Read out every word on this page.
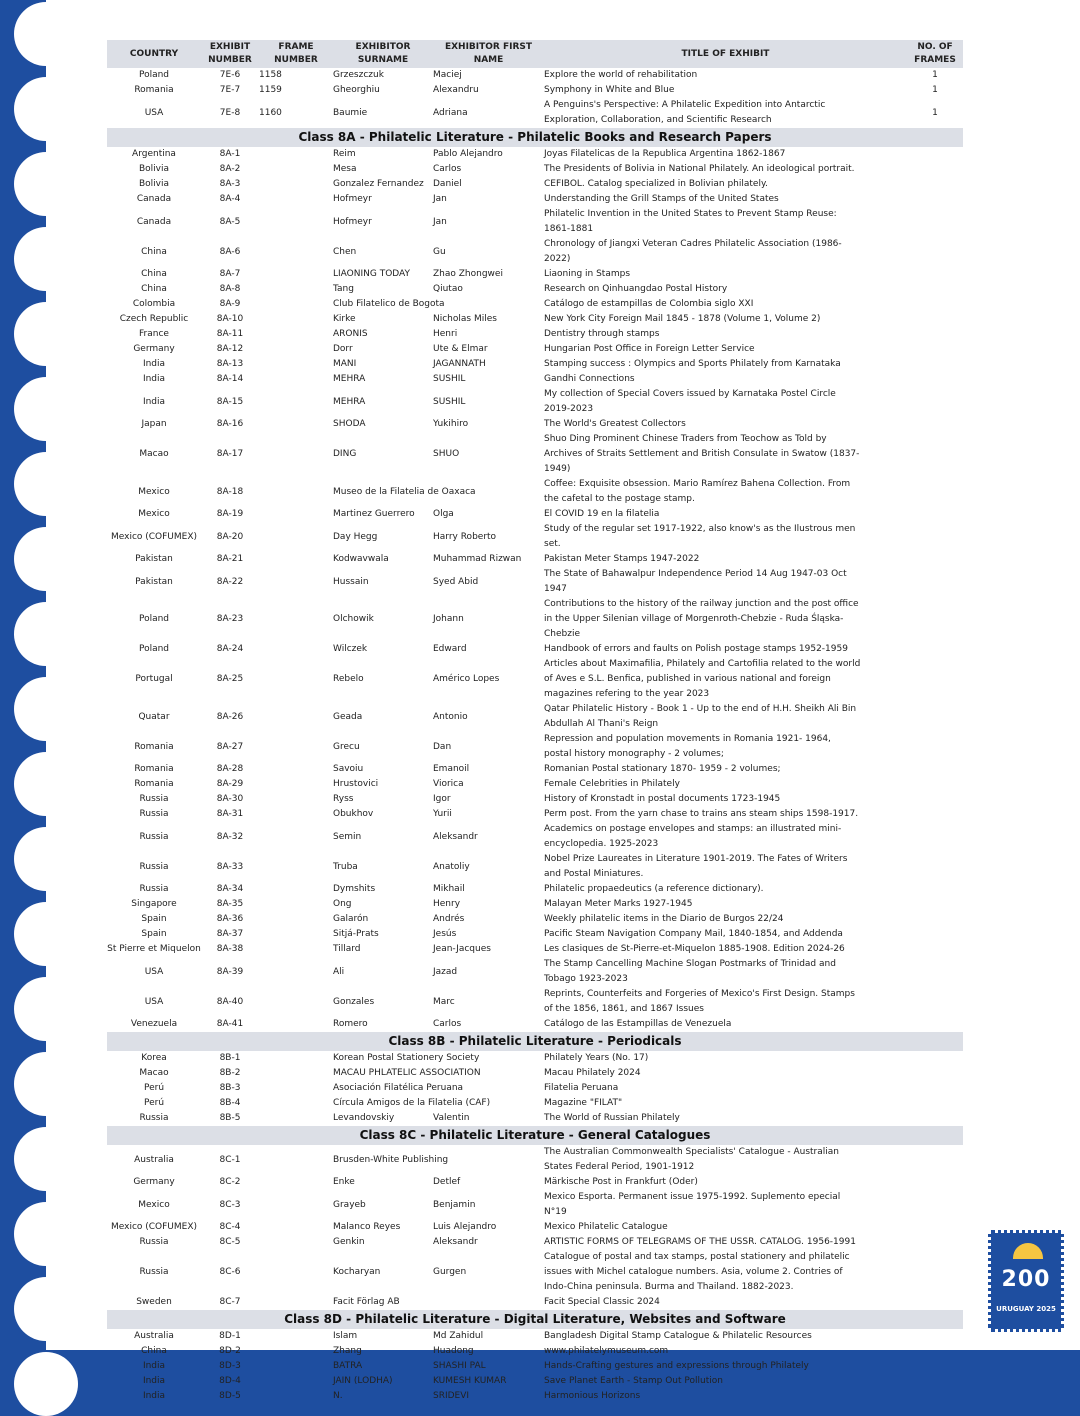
COUNTRY	EXHIBIT NUMBER	FRAME NUMBER	EXHIBITOR SURNAME	EXHIBITOR FIRST NAME	TITLE OF EXHIBIT	NO. OF FRAMES
Poland	7E-6	1158	Grzeszczuk	Maciej	Explore the world of rehabilitation	1
Romania	7E-7	1159	Gheorghiu	Alexandru	Symphony in White and Blue	1
USA	7E-8	1160	Baumie	Adriana	A Penguins's Perspective: A Philatelic Expedition into Antarctic Exploration, Collaboration, and Scientific Research	1
Class 8A - Philatelic Literature - Philatelic Books and Research Papers						
Argentina	8A-1		Reim	Pablo Alejandro	Joyas Filatelicas de la Republica Argentina 1862-1867	
Bolivia	8A-2		Mesa	Carlos	The Presidents of Bolivia in National Philately. An ideological portrait.	
Bolivia	8A-3		Gonzalez Fernandez	Daniel	CEFIBOL. Catalog specialized in Bolivian philately.	
Canada	8A-4		Hofmeyr	Jan	Understanding the Grill Stamps of the United States	
Canada	8A-5		Hofmeyr	Jan	Philatelic Invention in the United States to Prevent Stamp Reuse: 1861-1881	
China	8A-6		Chen	Gu	Chronology of Jiangxi Veteran Cadres Philatelic Association (1986-2022)	
China	8A-7		LIAONING TODAY	Zhao Zhongwei	Liaoning in Stamps	
China	8A-8		Tang	Qiutao	Research on Qinhuangdao Postal History	
Colombia	8A-9		Club Filatelico de Bogota		Catálogo de estampillas de Colombia siglo XXI	
Czech Republic	8A-10		Kirke	Nicholas Miles	New York City Foreign Mail 1845 - 1878 (Volume 1, Volume 2)	
France	8A-11		ARONIS	Henri	Dentistry through stamps	
Germany	8A-12		Dorr	Ute & Elmar	Hungarian Post Office in Foreign Letter Service	
India	8A-13		MANI	JAGANNATH	Stamping success : Olympics and Sports Philately from Karnataka	
India	8A-14		MEHRA	SUSHIL	Gandhi Connections	
India	8A-15		MEHRA	SUSHIL	My collection of Special Covers issued by Karnataka Postel Circle 2019-2023	
Japan	8A-16		SHODA	Yukihiro	The World's Greatest Collectors	
Macao	8A-17		DING	SHUO	Shuo Ding Prominent Chinese Traders from Teochow as Told by Archives of Straits Settlement and British Consulate in Swatow (1837-1949)	
Mexico	8A-18		Museo de la Filatelia de Oaxaca		Coffee: Exquisite obsession. Mario Ramírez Bahena Collection. From the cafetal to the postage stamp.	
Mexico	8A-19		Martinez Guerrero	Olga	El COVID 19 en la filatelia	
Mexico (COFUMEX)	8A-20		Day Hegg	Harry Roberto	Study of the regular set 1917-1922, also know's as the Ilustrous men set.	
Pakistan	8A-21		Kodwavwala	Muhammad Rizwan	Pakistan Meter Stamps 1947-2022	
Pakistan	8A-22		Hussain	Syed Abid	The State of Bahawalpur Independence Period 14 Aug 1947-03 Oct 1947	
Poland	8A-23		Olchowik	Johann	Contributions to the history of the railway junction and the post office in the Upper Silenian village of Morgenroth-Chebzie - Ruda Śląska-Chebzie	
Poland	8A-24		Wilczek	Edward	Handbook of errors and faults on Polish postage stamps 1952-1959	
Portugal	8A-25		Rebelo	Américo Lopes	Articles about Maximafilia, Philately and Cartofilia related to the world of Aves e S.L. Benfica, published in various national and foreign magazines refering to the year 2023	
Quatar	8A-26		Geada	Antonio	Qatar Philatelic History - Book 1 - Up to the end of H.H. Sheikh Ali Bin Abdullah Al Thani's Reign	
Romania	8A-27		Grecu	Dan	Repression and population movements in Romania 1921- 1964, postal history monography - 2 volumes;	
Romania	8A-28		Savoiu	Emanoil	Romanian Postal stationary 1870- 1959 - 2 volumes;	
Romania	8A-29		Hrustovici	Viorica	Female Celebrities in Philately	
Russia	8A-30		Ryss	Igor	History of Kronstadt in postal documents 1723-1945	
Russia	8A-31		Obukhov	Yurii	Perm post. From the yarn chase to trains ans steam ships 1598-1917.	
Russia	8A-32		Semin	Aleksandr	Academics on postage envelopes and stamps: an illustrated mini-encyclopedia. 1925-2023	
Russia	8A-33		Truba	Anatoliy	Nobel Prize Laureates in Literature 1901-2019. The Fates of Writers and Postal Miniatures.	
Russia	8A-34		Dymshits	Mikhail	Philatelic propaedeutics (a reference dictionary).	
Singapore	8A-35		Ong	Henry	Malayan Meter Marks 1927-1945	
Spain	8A-36		Galarón	Andrés	Weekly philatelic items in the Diario de Burgos 22/24	
Spain	8A-37		Sitjá-Prats	Jesús	Pacific Steam Navigation Company Mail, 1840-1854, and Addenda	
St Pierre et Miquelon	8A-38		Tillard	Jean-Jacques	Les clasiques de St-Pierre-et-Miquelon 1885-1908. Edition 2024-26	
USA	8A-39		Ali	Jazad	The Stamp Cancelling Machine Slogan Postmarks of Trinidad and Tobago 1923-2023	
USA	8A-40		Gonzales	Marc	Reprints, Counterfeits and Forgeries of Mexico's First Design. Stamps of the 1856, 1861, and 1867 Issues	
Venezuela	8A-41		Romero	Carlos	Catálogo de las Estampillas de Venezuela	
Class 8B - Philatelic Literature - Periodicals						
Korea	8B-1		Korean Postal Stationery Society		Philately Years (No. 17)	
Macao	8B-2		MACAU PHLATELIC ASSOCIATION		Macau Philately 2024	
Perú	8B-3		Asociación Filatélica Peruana		Filatelia Peruana	
Perú	8B-4		Círcula Amigos de la Filatelia (CAF)		Magazine "FILAT"	
Russia	8B-5		Levandovskiy	Valentin	The World of Russian Philately	
Class 8C - Philatelic Literature - General Catalogues						
Australia	8C-1		Brusden-White Publishing		The Australian Commonwealth Specialists' Catalogue - Australian States Federal Period, 1901-1912	
Germany	8C-2		Enke	Detlef	Märkische Post in Frankfurt (Oder)	
Mexico	8C-3		Grayeb	Benjamin	Mexico Esporta. Permanent issue 1975-1992. Suplemento epecial N°19	
Mexico (COFUMEX)	8C-4		Malanco Reyes	Luis Alejandro	Mexico Philatelic Catalogue	
Russia	8C-5		Genkin	Aleksandr	ARTISTIC FORMS OF TELEGRAMS OF THE USSR. CATALOG. 1956-1991	
Russia	8C-6		Kocharyan	Gurgen	Catalogue of postal and tax stamps, postal stationery and philatelic issues with Michel catalogue numbers. Asia, volume 2. Contries of Indo-China peninsula. Burma and Thailand. 1882-2023.	
Sweden	8C-7		Facit Förlag AB		Facit Special Classic 2024	
Class 8D - Philatelic Literature - Digital Literature, Websites and Software						
Australia	8D-1		Islam	Md Zahidul	Bangladesh Digital Stamp Catalogue & Philatelic Resources	
China	8D-2		Zhang	Huadong	www.philatelymuseum.com	
India	8D-3		BATRA	SHASHI PAL	Hands-Crafting gestures and expressions through Philately	
India	8D-4		JAIN (LODHA)	KUMESH KUMAR	Save Planet Earth - Stamp Out Pollution	
India	8D-5		N.	SRIDEVI	Harmonious Horizons	
200
URUGUAY 2025
